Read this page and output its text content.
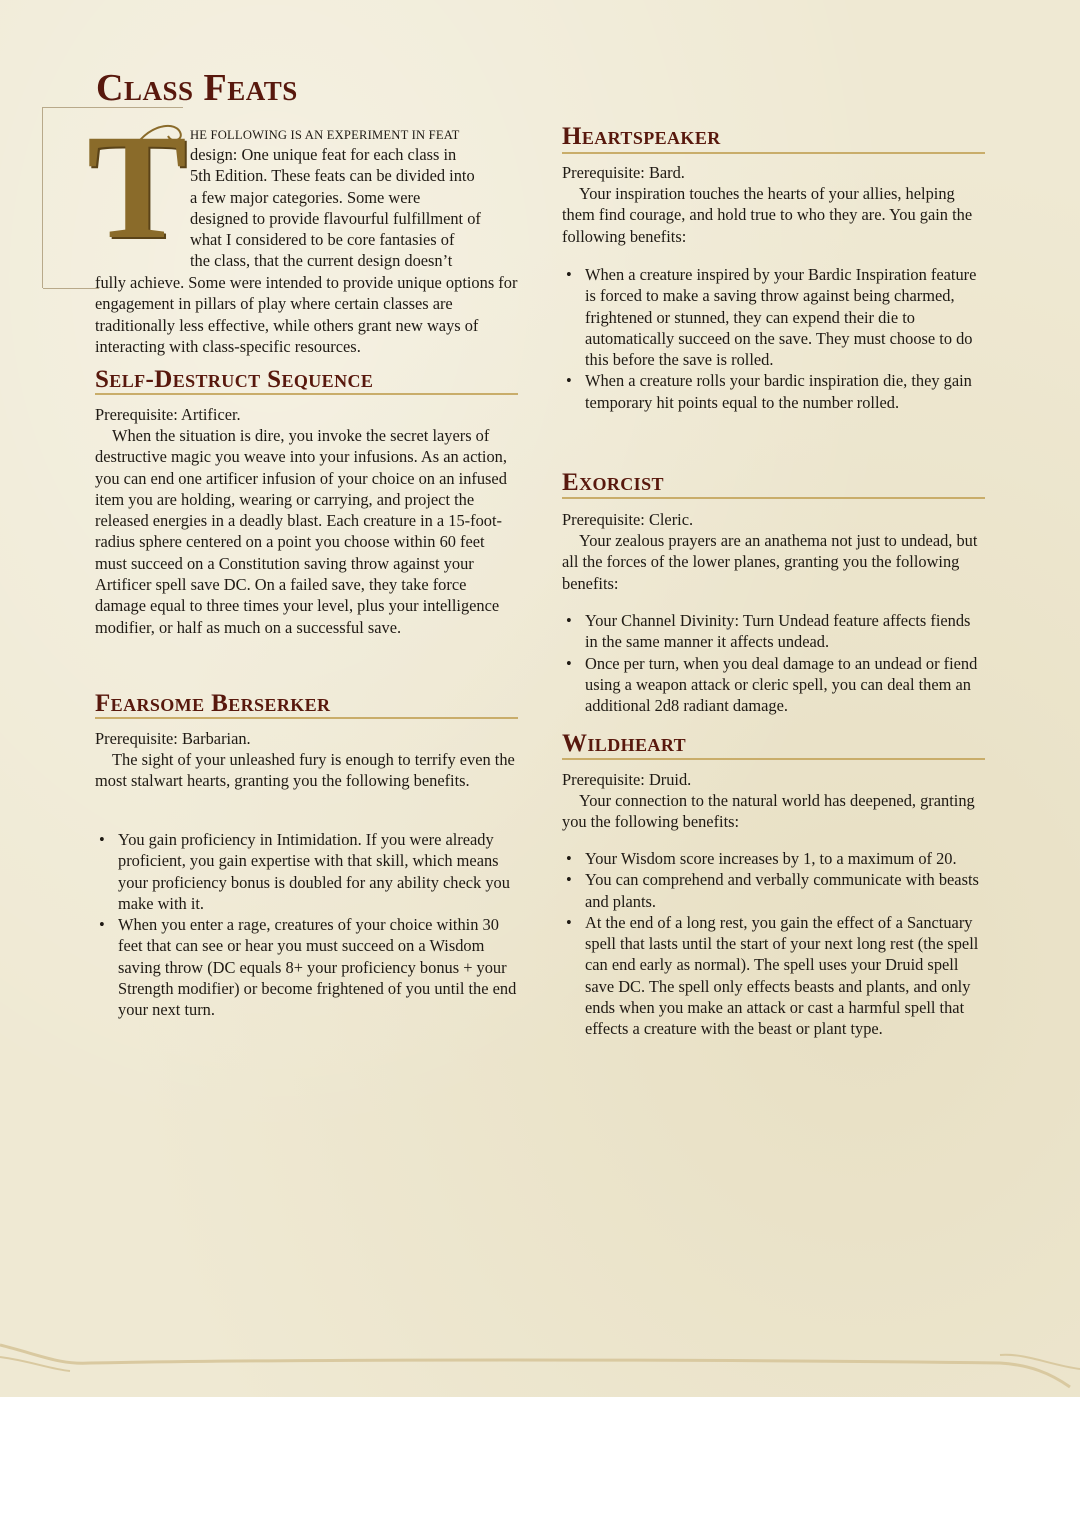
Class Feats
T HE FOLLOWING IS AN EXPERIMENT IN FEAT
design: One unique feat for each class in
5th Edition. These feats can be divided into
a few major categories. Some were
designed to provide flavourful fulfillment of
what I considered to be core fantasies of
the class, that the current design doesn’t

fully achieve. Some were intended to provide unique options for engagement in pillars of play where certain classes are traditionally less effective, while others grant new ways of interacting with class-specific resources.

Self-Destruct Sequence

Prerequisite: Artificer.

When the situation is dire, you invoke the secret layers of destructive magic you weave into your infusions. As an action, you can end one artificer infusion of your choice on an infused item you are holding, wearing or carrying, and project the released energies in a deadly blast. Each creature in a 15-foot-radius sphere centered on a point you choose within 60 feet must succeed on a Constitution saving throw against your Artificer spell save DC. On a failed save, they take force damage equal to three times your level, plus your intelligence modifier, or half as much on a successful save.

Fearsome Berserker

Prerequisite: Barbarian.

The sight of your unleashed fury is enough to terrify even the most stalwart hearts, granting you the following benefits.

• You gain proficiency in Intimidation. If you were already proficient, you gain expertise with that skill, which means your proficiency bonus is doubled for any ability check you make with it.
• When you enter a rage, creatures of your choice within 30 feet that can see or hear you must succeed on a Wisdom saving throw (DC equals 8+ your proficiency bonus + your Strength modifier) or become frightened of you until the end your next turn.
Heartspeaker

Prerequisite: Bard.

Your inspiration touches the hearts of your allies, helping them find courage, and hold true to who they are. You gain the following benefits:

• When a creature inspired by your Bardic Inspiration feature is forced to make a saving throw against being charmed, frightened or stunned, they can expend their die to automatically succeed on the save. They must choose to do this before the save is rolled.
• When a creature rolls your bardic inspiration die, they gain temporary hit points equal to the number rolled.
Exorcist

Prerequisite: Cleric.

Your zealous prayers are an anathema not just to undead, but all the forces of the lower planes, granting you the following benefits:

• Your Channel Divinity: Turn Undead feature affects fiends in the same manner it affects undead.
• Once per turn, when you deal damage to an undead or fiend using a weapon attack or cleric spell, you can deal them an additional 2d8 radiant damage.
Wildheart

Prerequisite: Druid.

Your connection to the natural world has deepened, granting you the following benefits:

• Your Wisdom score increases by 1, to a maximum of 20.
• You can comprehend and verbally communicate with beasts and plants.
• At the end of a long rest, you gain the effect of a Sanctuary spell that lasts until the start of your next long rest (the spell can end early as normal). The spell uses your Druid spell save DC. The spell only effects beasts and plants, and only ends when you make an attack or cast a harmful spell that effects a creature with the beast or plant type.
